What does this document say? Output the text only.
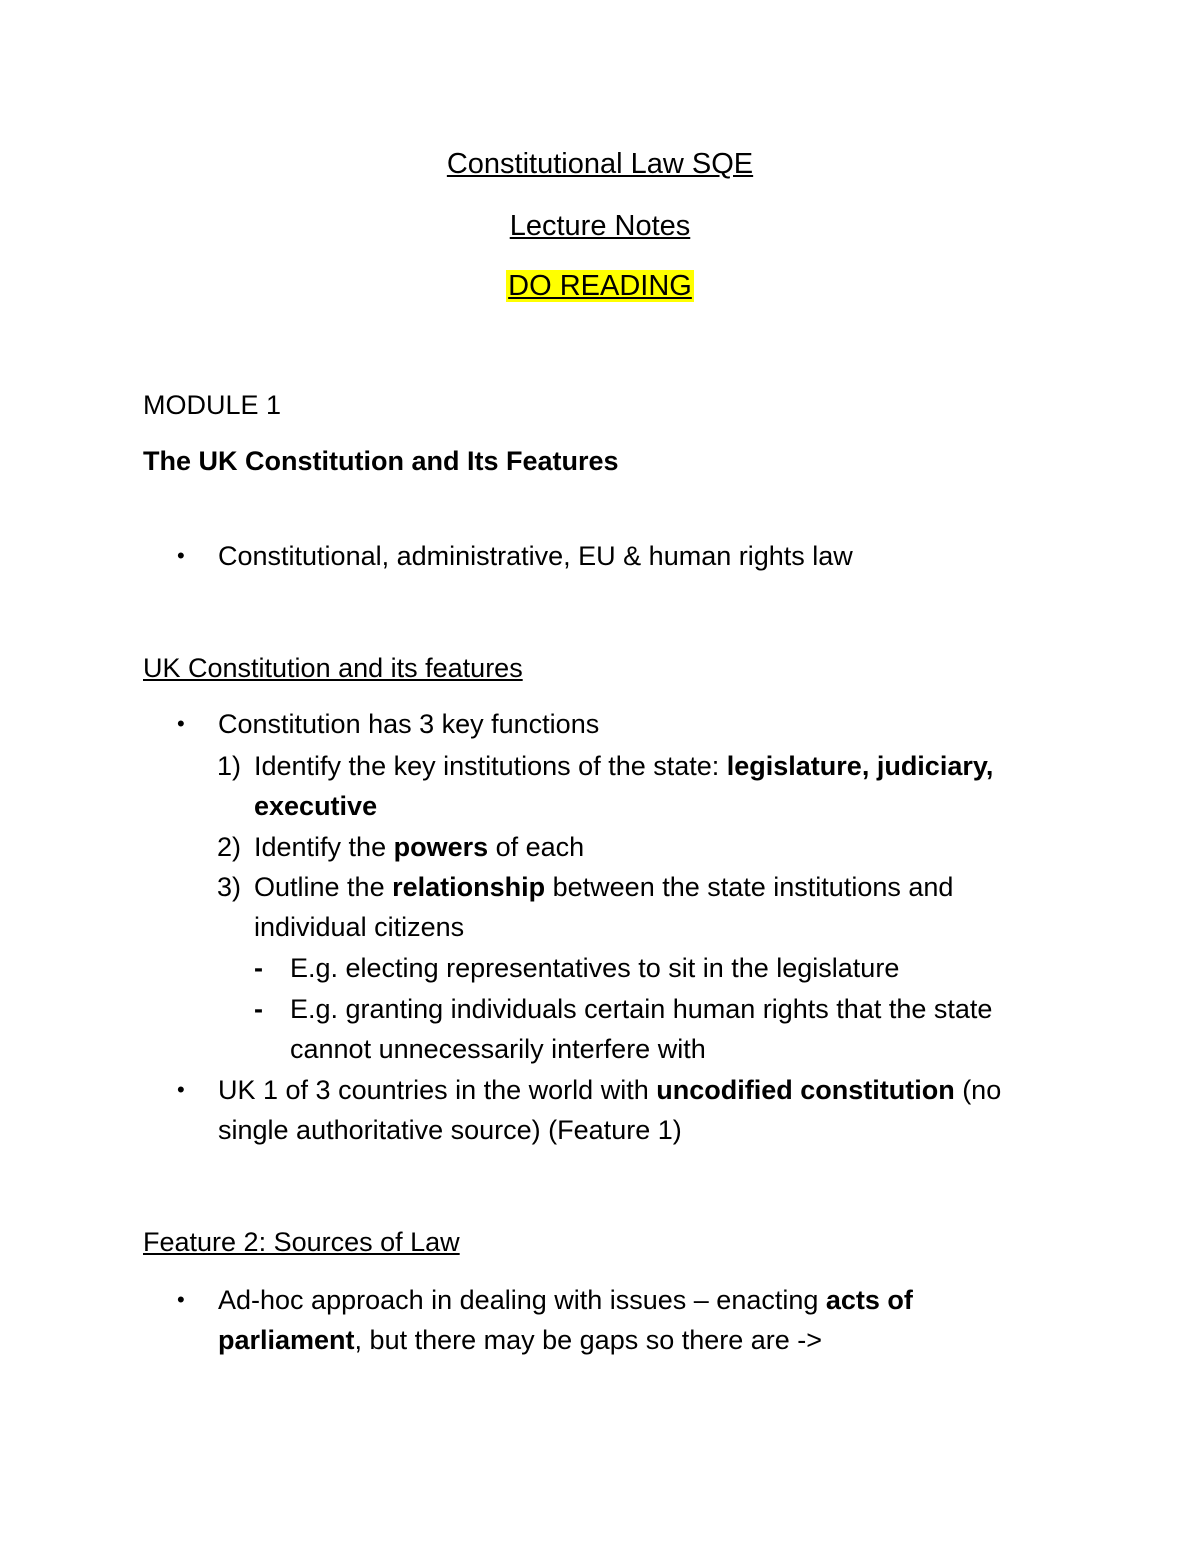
Constitutional Law SQE
Lecture Notes
DO READING
MODULE 1
The UK Constitution and Its Features
• Constitutional, administrative, EU & human rights law
UK Constitution and its features
• Constitution has 3 key functions
1) Identify the key institutions of the state: legislature, judiciary,
executive
2) Identify the powers of each
3) Outline the relationship between the state institutions and
individual citizens
- E.g. electing representatives to sit in the legislature
- E.g. granting individuals certain human rights that the state
cannot unnecessarily interfere with
• UK 1 of 3 countries in the world with uncodified constitution (no
single authoritative source) (Feature 1)
Feature 2: Sources of Law
• Ad-hoc approach in dealing with issues – enacting acts of
parliament, but there may be gaps so there are ->
